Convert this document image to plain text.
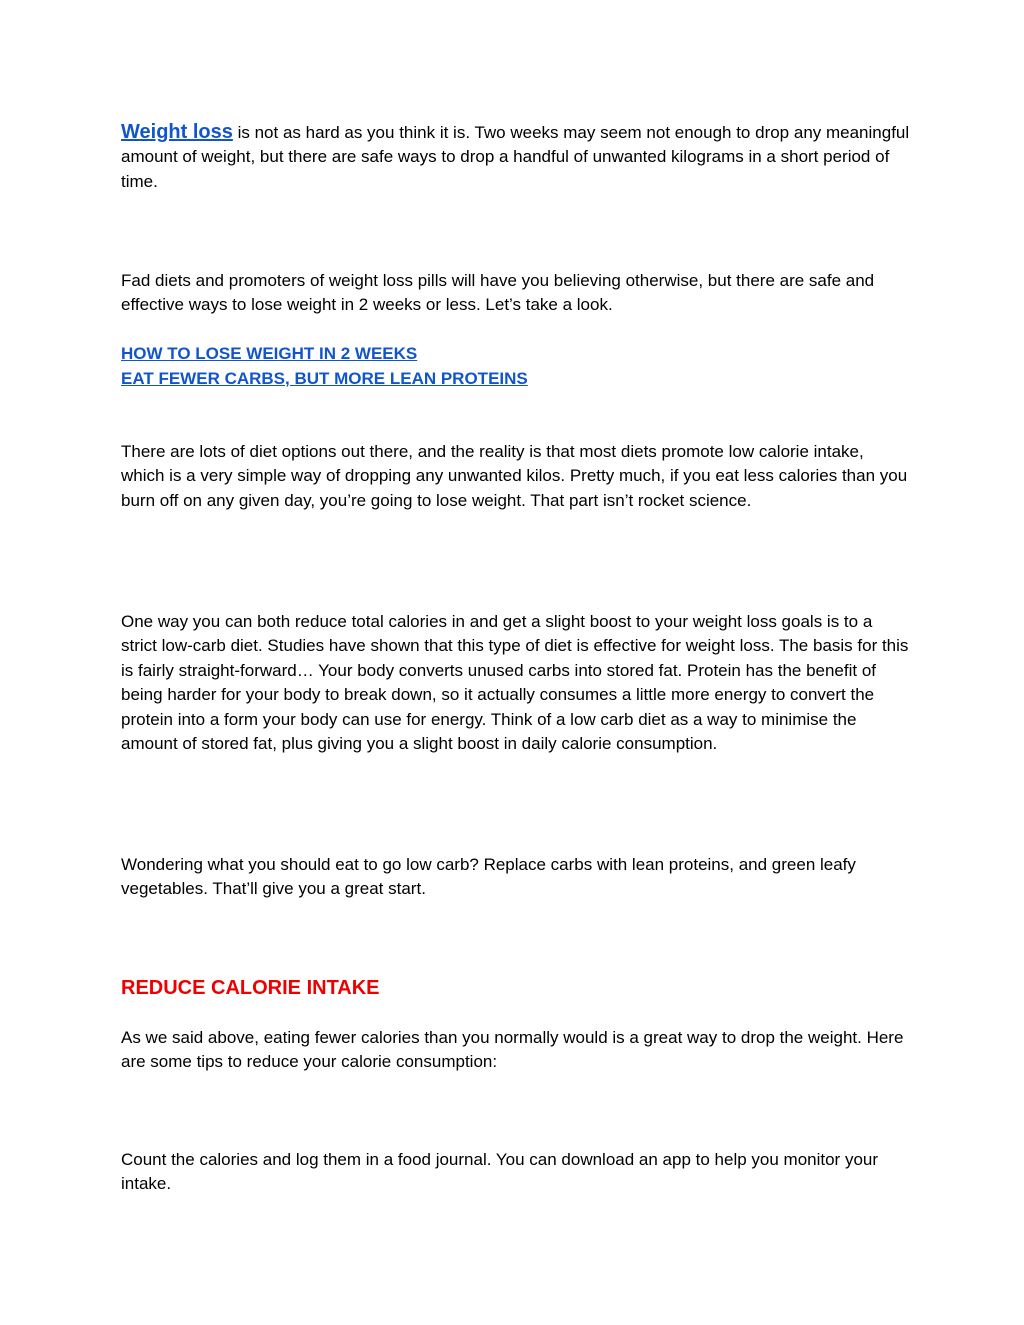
Weight loss is not as hard as you think it is. Two weeks may seem not enough to drop any meaningful amount of weight, but there are safe ways to drop a handful of unwanted kilograms in a short period of time.

Fad diets and promoters of weight loss pills will have you believing otherwise, but there are safe and effective ways to lose weight in 2 weeks or less. Let’s take a look.

HOW TO LOSE WEIGHT IN 2 WEEKS
EAT FEWER CARBS, BUT MORE LEAN PROTEINS

There are lots of diet options out there, and the reality is that most diets promote low calorie intake, which is a very simple way of dropping any unwanted kilos. Pretty much, if you eat less calories than you burn off on any given day, you’re going to lose weight. That part isn’t rocket science.

One way you can both reduce total calories in and get a slight boost to your weight loss goals is to a strict low-carb diet. Studies have shown that this type of diet is effective for weight loss. The basis for this is fairly straight-forward… Your body converts unused carbs into stored fat. Protein has the benefit of being harder for your body to break down, so it actually consumes a little more energy to convert the protein into a form your body can use for energy. Think of a low carb diet as a way to minimise the amount of stored fat, plus giving you a slight boost in daily calorie consumption.

Wondering what you should eat to go low carb? Replace carbs with lean proteins, and green leafy vegetables. That’ll give you a great start.

REDUCE CALORIE INTAKE

As we said above, eating fewer calories than you normally would is a great way to drop the weight. Here are some tips to reduce your calorie consumption:

Count the calories and log them in a food journal. You can download an app to help you monitor your intake.
